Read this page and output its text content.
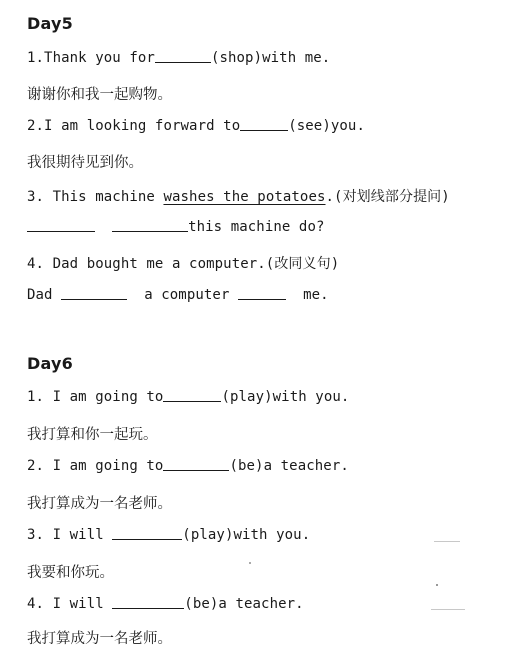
Day5
1.Thank you for	(shop)with me.
谢谢你和我一起购物。
2.I am looking forward to	(see)you.
我很期待见到你。
3. This machine washes the potatoes.(对划线部分提问)
this machine do?
4. Dad bought me a computer.(改同义句)
Dad	a computer	me.
Day6
1. I am going to	(play)with you.
我打算和你一起玩。
2. I am going to	(be)a teacher.
我打算成为一名老师。
3. I will	(play)with you.
我要和你玩。
4. I will	(be)a teacher.
我打算成为一名老师。
